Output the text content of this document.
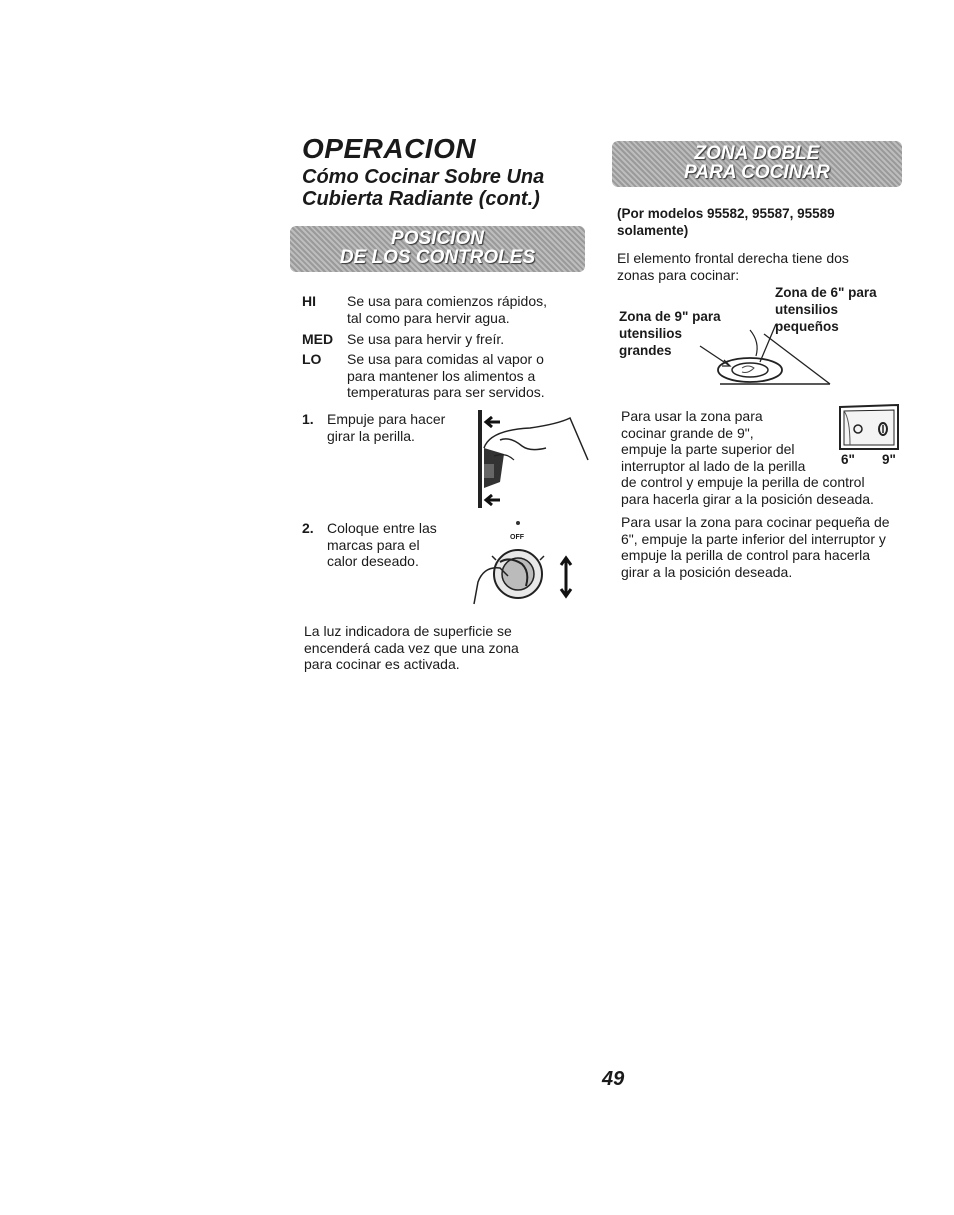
OPERACION
Cómo Cocinar Sobre Una
Cubierta Radiante (cont.)
POSICION
DE LOS CONTROLES
HI Se usa para comienzos rápidos,
tal como para hervir agua.
MED Se usa para hervir y freír.
LO Se usa para comidas al vapor o
para mantener los alimentos a
temperaturas para ser servidos.
1. Empuje para hacer
girar la perilla.
2. Coloque entre las
marcas para el
calor deseado.
OFF
La luz indicadora de superficie se
encenderá cada vez que una zona
para cocinar es activada.
ZONA DOBLE
PARA COCINAR
(Por modelos 95582, 95587, 95589
solamente)
El elemento frontal derecha tiene dos
zonas para cocinar:
Zona de 6" para
utensilios
pequeños
Zona de 9" para
utensilios
grandes
Para usar la zona para
cocinar grande de 9",
empuje la parte superior del
interruptor al lado de la perilla
de control y empuje la perilla de control
para hacerla girar a la posición deseada.
6" 9"
Para usar la zona para cocinar pequeña de
6", empuje la parte inferior del interruptor y
empuje la perilla de control para hacerla
girar a la posición deseada.
49
